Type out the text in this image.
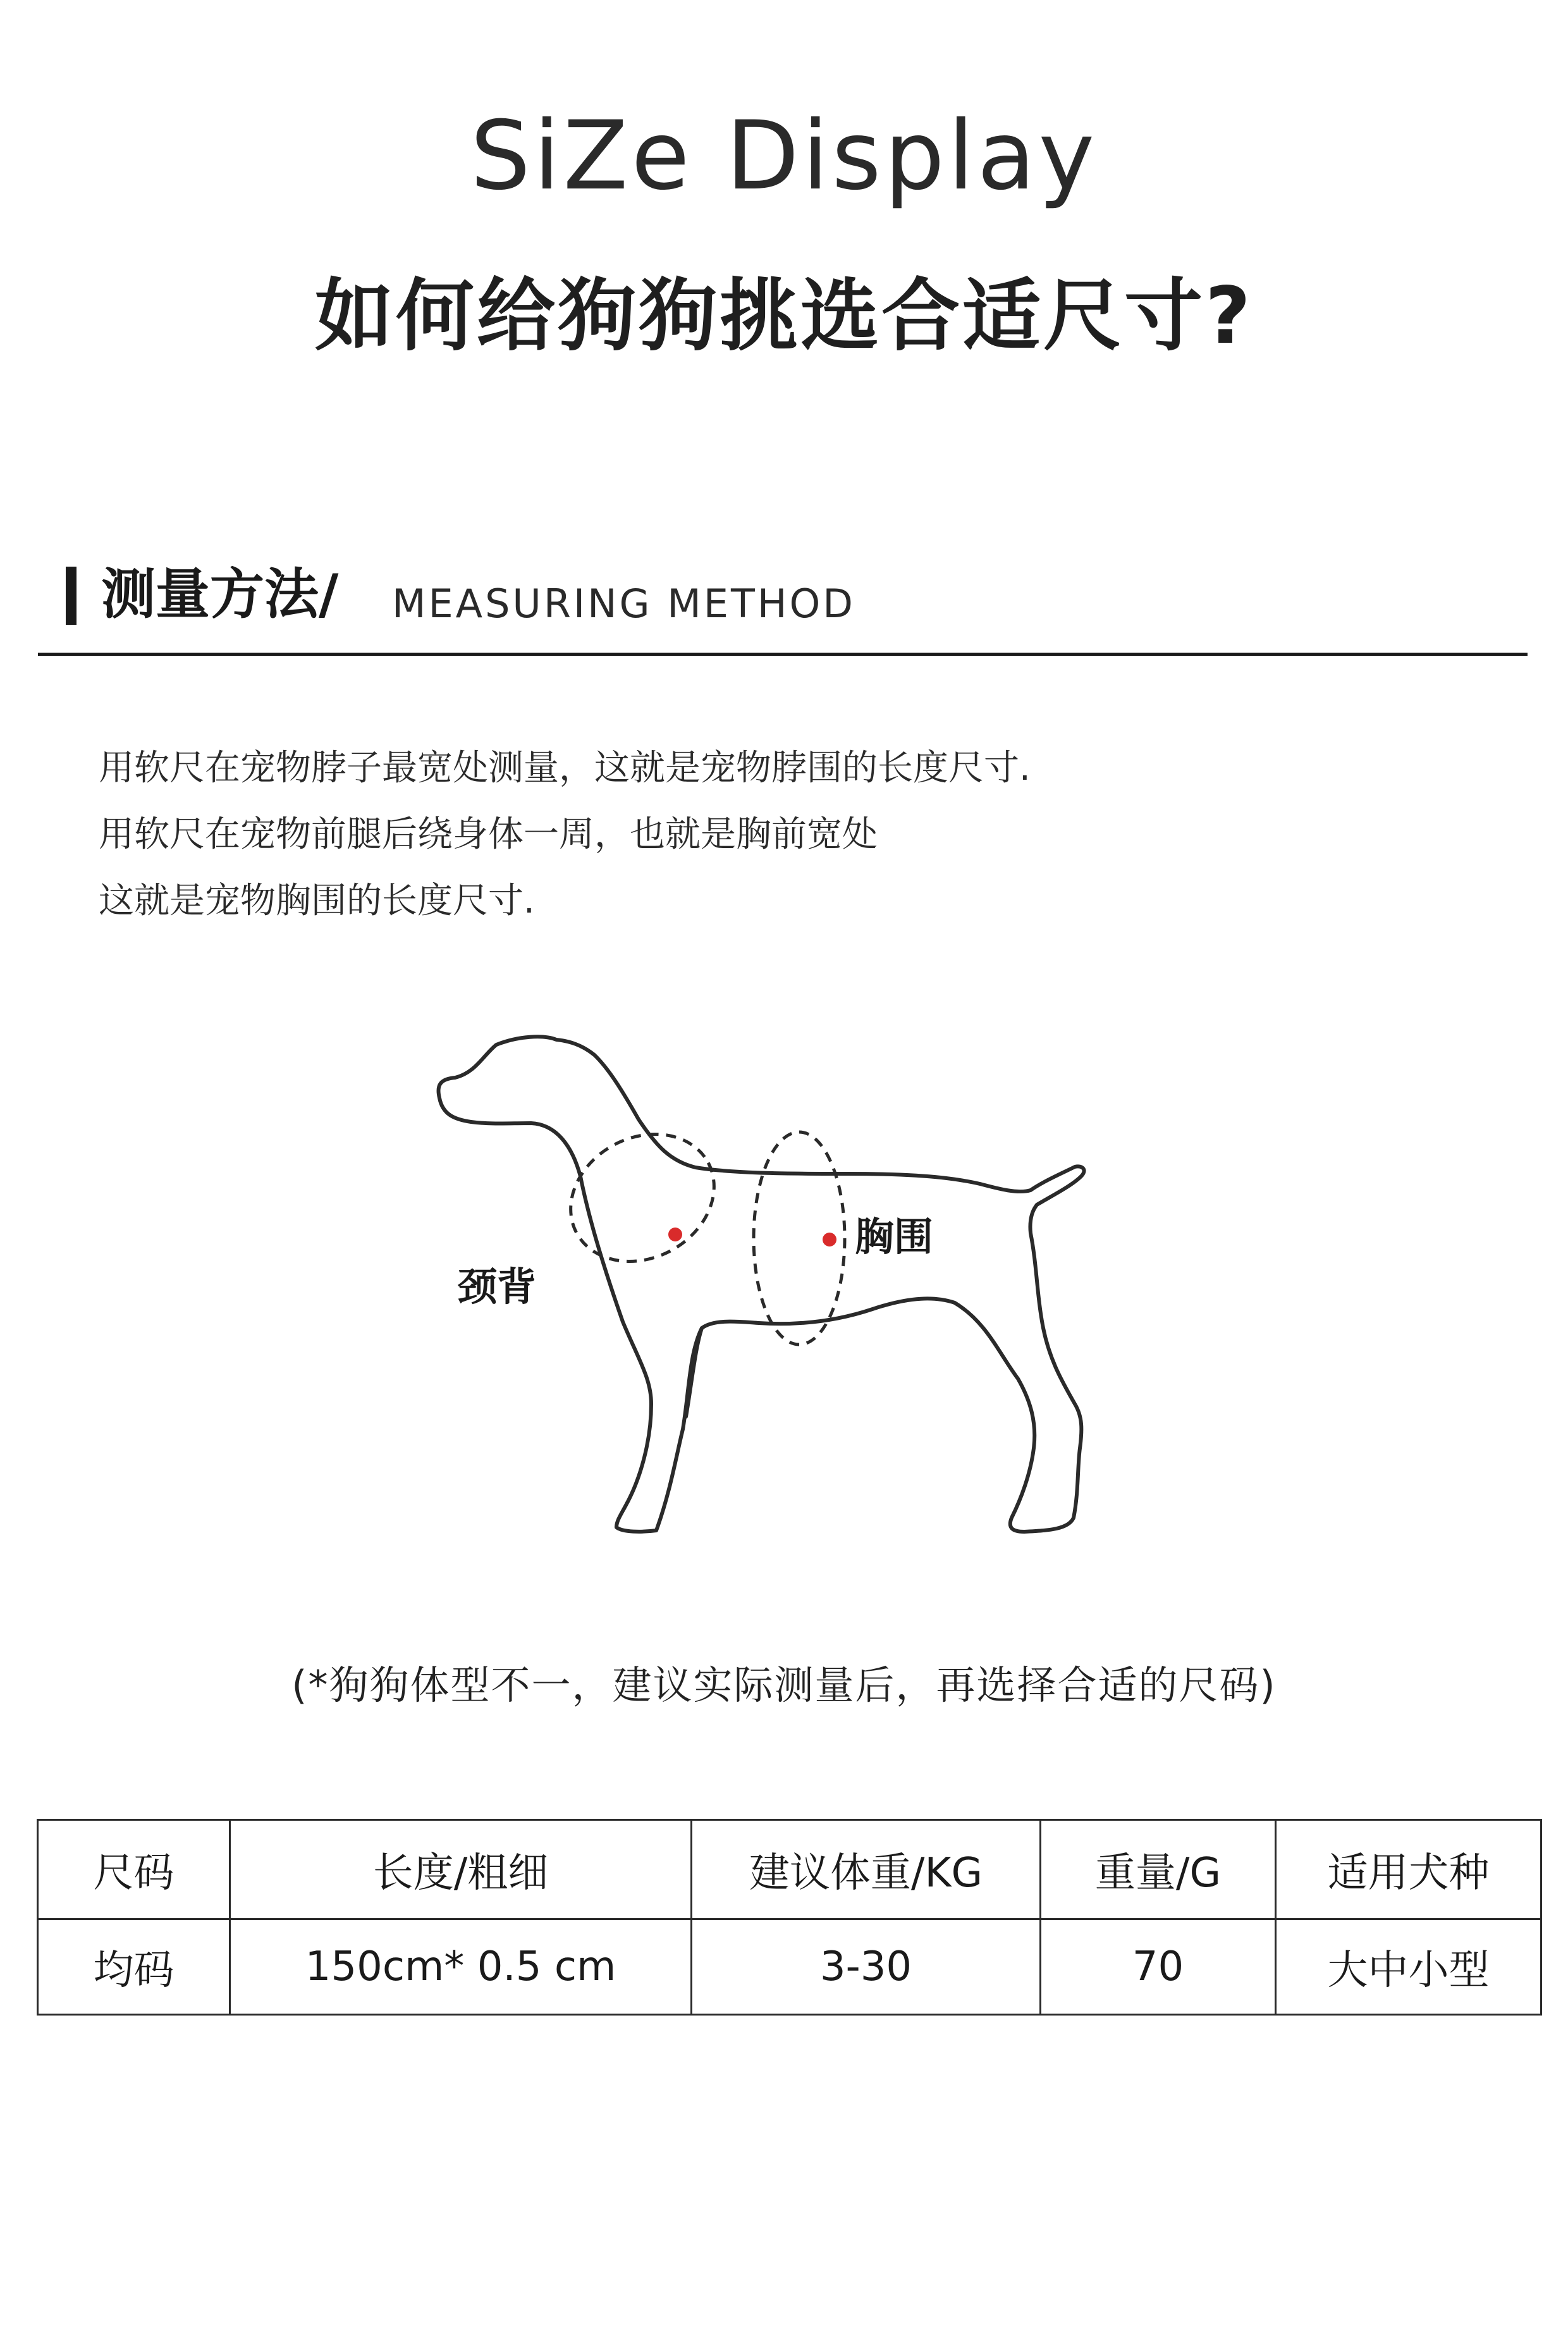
SiZe Display
如何给狗狗挑选合适尺寸?
测量方法/ MEASURING METHOD
用软尺在宠物脖子最宽处测量，这就是宠物脖围的长度尺寸.
用软尺在宠物前腿后绕身体一周，也就是胸前宽处
这就是宠物胸围的长度尺寸.
颈背
胸围
(*狗狗体型不一，建议实际测量后，再选择合适的尺码)
尺码	长度/粗细	建议体重/KG	重量/G	适用犬种
均码	150cm* 0.5 cm	3-30	70	大中小型
